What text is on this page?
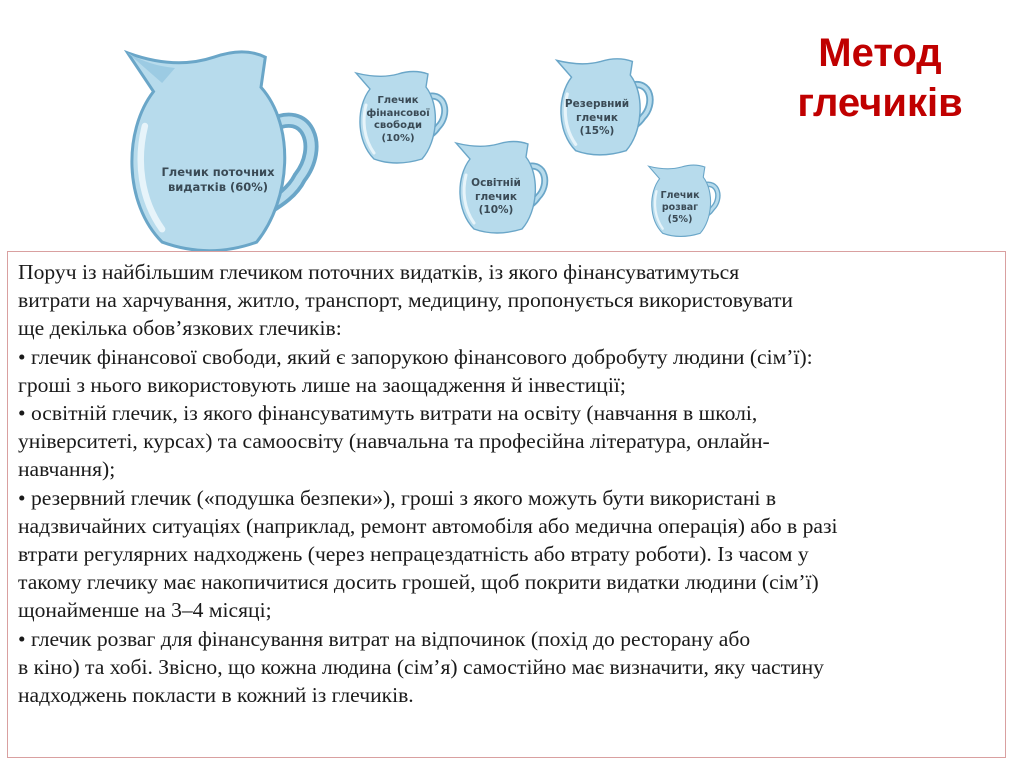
Метод
глечиків
Глечик поточних
видатків (60%)
Глечик
фінансової
свободи
(10%)
Освітній
глечик
(10%)
Резервний
глечик
(15%)
Глечик
розваг
(5%)
Поруч із найбільшим глечиком поточних видатків, із якого фінансуватимуться
витрати на харчування, житло, транспорт, медицину, пропонується використовувати
ще декілька обов’язкових глечиків:
• глечик фінансової свободи, який є запорукою фінансового добробуту людини (сім’ї):
гроші з нього використовують лише на заощадження й інвестиції;
• освітній глечик, із якого фінансуватимуть витрати на освіту (навчання в школі,
університеті, курсах) та самоосвіту (навчальна та професійна література, онлайн-
навчання);
• резервний глечик («подушка безпеки»), гроші з якого можуть бути використані в
надзвичайних ситуаціях (наприклад, ремонт автомобіля або медична операція) або в разі
втрати регулярних надходжень (через непрацездатність або втрату роботи). Із часом у
такому глечику має накопичитися досить грошей, щоб покрити видатки людини (сім’ї)
щонайменше на 3–4 місяці;
• глечик розваг для фінансування витрат на відпочинок (похід до ресторану або
в кіно) та хобі. Звісно, що кожна людина (сім’я) самостійно має визначити, яку частину
надходжень покласти в кожний із глечиків.
